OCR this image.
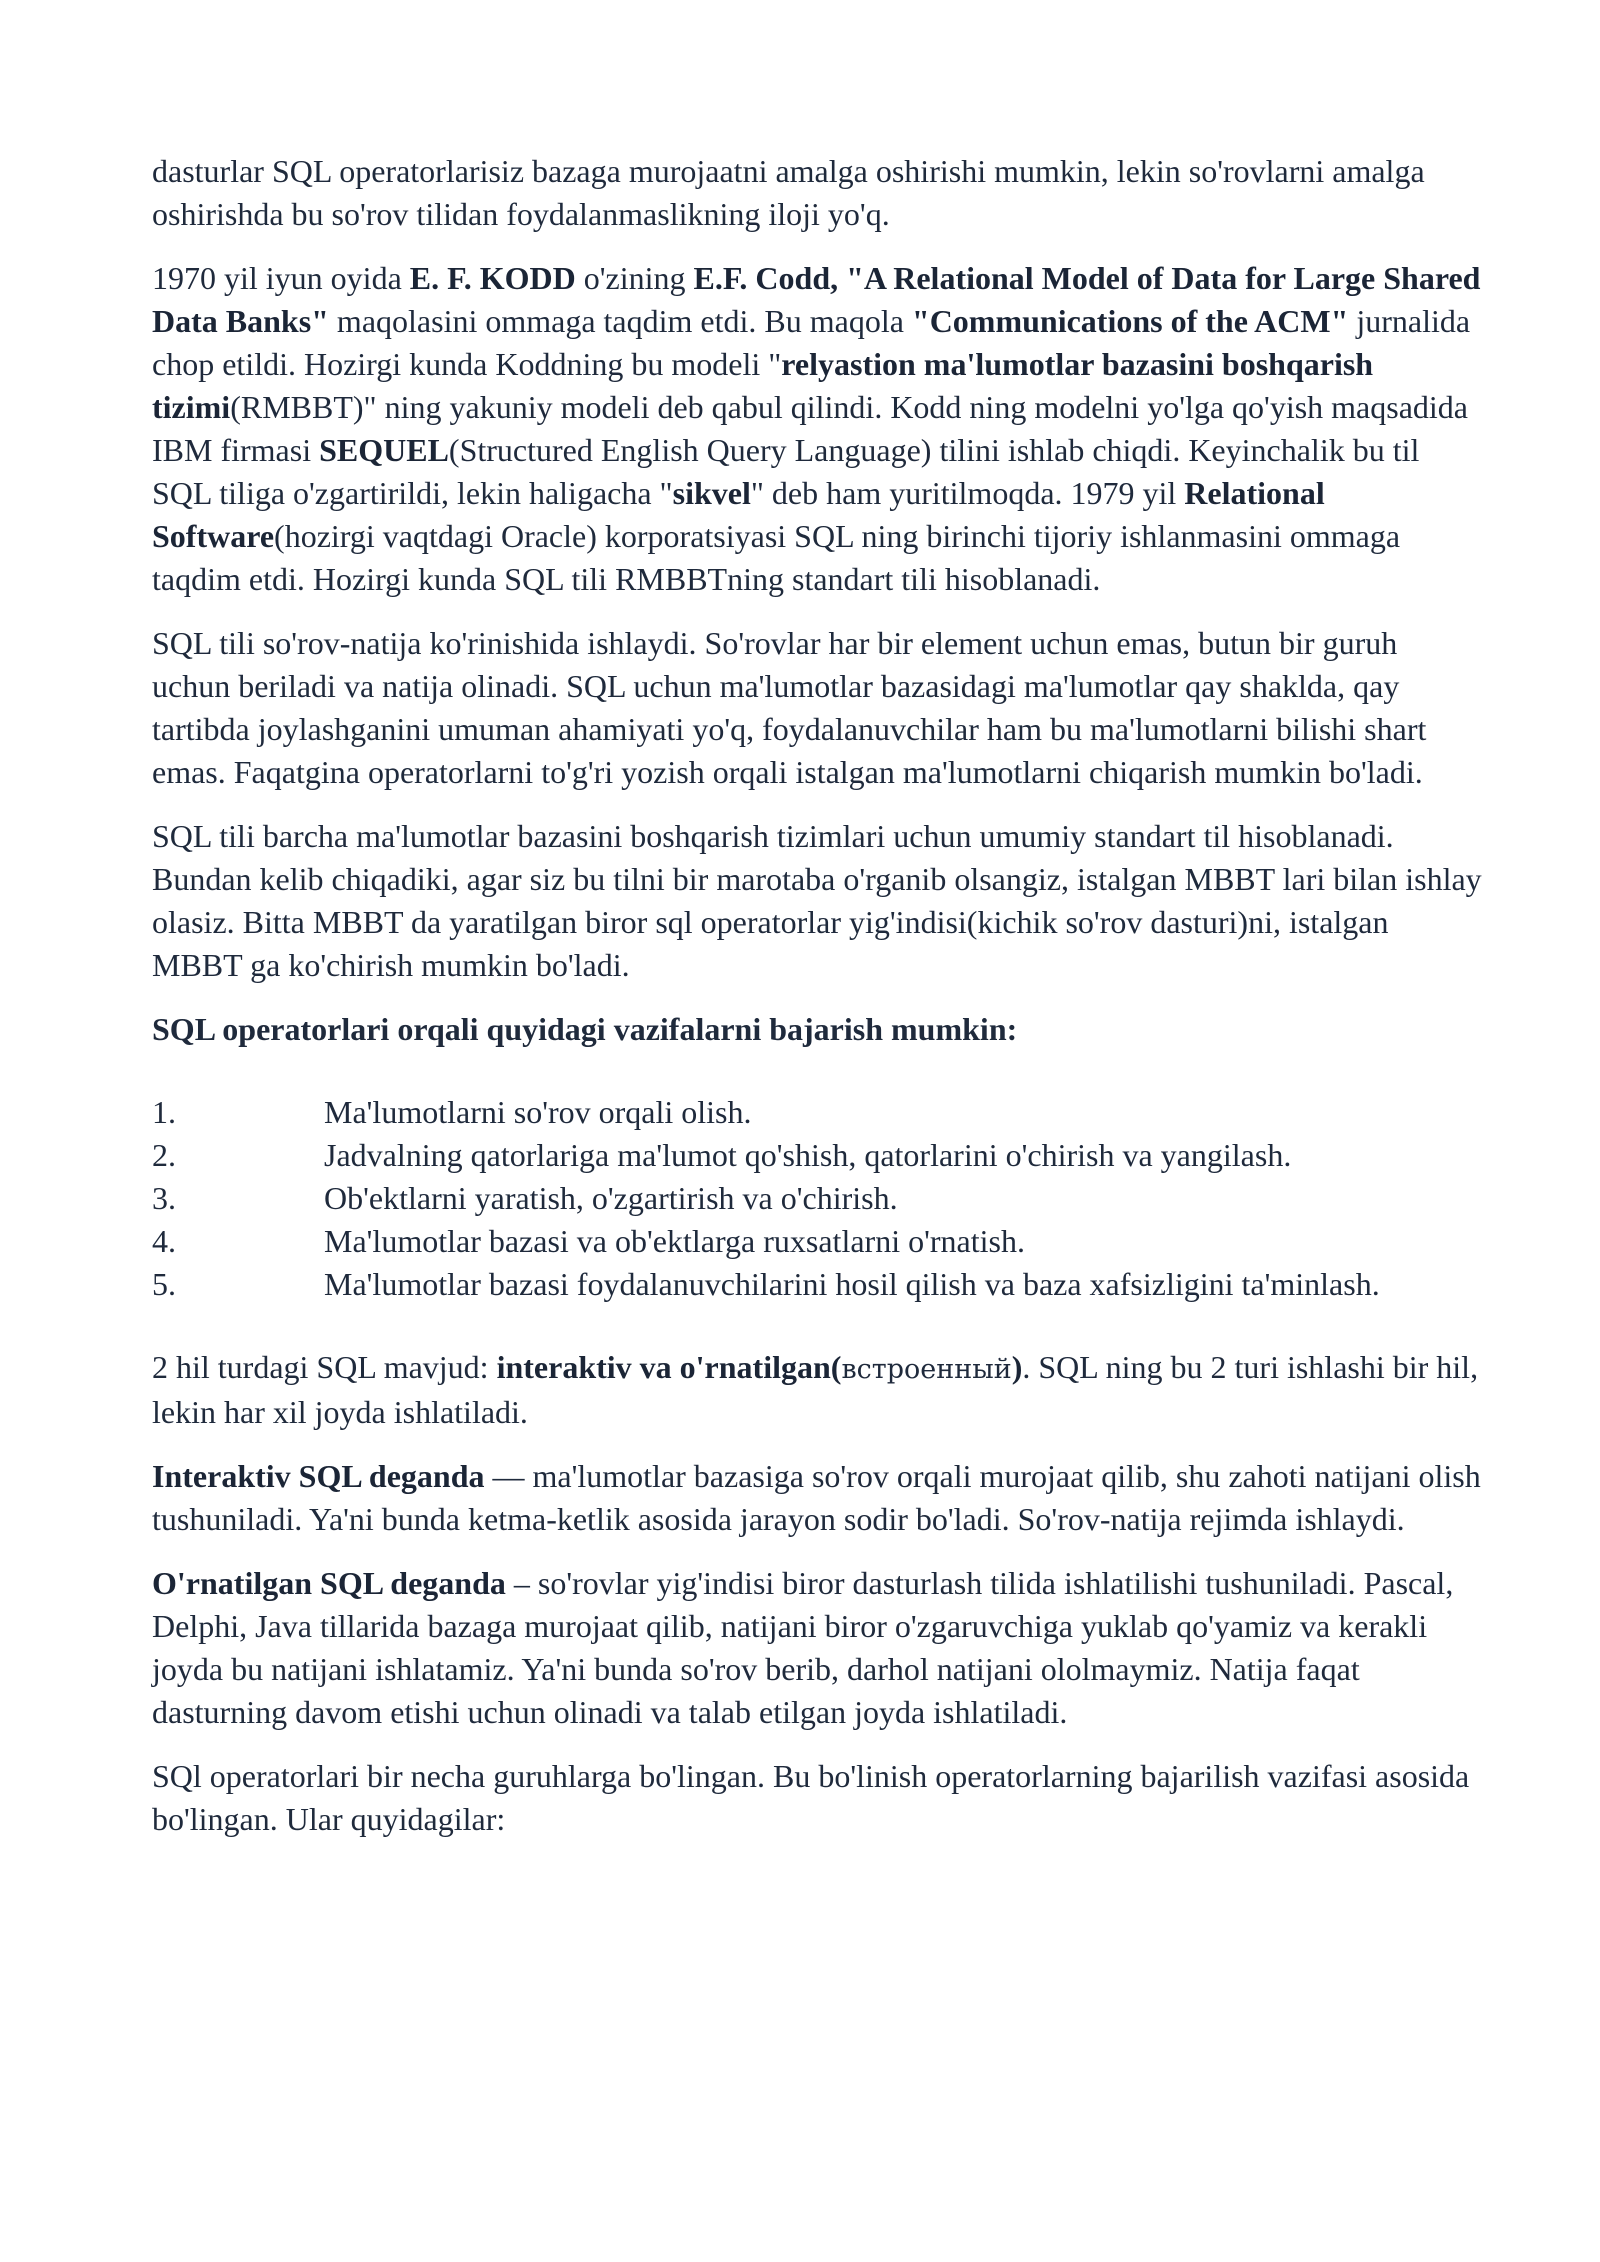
dasturlar SQL operatorlarisiz bazaga murojaatni amalga oshirishi mumkin, lekin so'rovlarni amalga oshirishda bu so'rov tilidan foydalanmaslikning iloji yo'q.

1970 yil iyun oyida E. F. KODD o'zining E.F. Codd, "A Relational Model of Data for Large Shared Data Banks" maqolasini ommaga taqdim etdi. Bu maqola "Communications of the ACM" jurnalida chop etildi. Hozirgi kunda Koddning bu modeli "relyastion ma'lumotlar bazasini boshqarish tizimi(RMBBT)" ning yakuniy modeli deb qabul qilindi. Kodd ning modelni yo'lga qo'yish maqsadida IBM firmasi SEQUEL(Structured English Query Language) tilini ishlab chiqdi. Keyinchalik bu til SQL tiliga o'zgartirildi, lekin haligacha "sikvel" deb ham yuritilmoqda. 1979 yil Relational Software(hozirgi vaqtdagi Oracle) korporatsiyasi SQL ning birinchi tijoriy ishlanmasini ommaga taqdim etdi. Hozirgi kunda SQL tili RMBBTning standart tili hisoblanadi.

SQL tili so'rov-natija ko'rinishida ishlaydi. So'rovlar har bir element uchun emas, butun bir guruh uchun beriladi va natija olinadi. SQL uchun ma'lumotlar bazasidagi ma'lumotlar qay shaklda, qay tartibda joylashganini umuman ahamiyati yo'q, foydalanuvchilar ham bu ma'lumotlarni bilishi shart emas. Faqatgina operatorlarni to'g'ri yozish orqali istalgan ma'lumotlarni chiqarish mumkin bo'ladi.

SQL tili barcha ma'lumotlar bazasini boshqarish tizimlari uchun umumiy standart til hisoblanadi. Bundan kelib chiqadiki, agar siz bu tilni bir marotaba o'rganib olsangiz, istalgan MBBT lari bilan ishlay olasiz. Bitta MBBT da yaratilgan biror sql operatorlar yig'indisi(kichik so'rov dasturi)ni, istalgan MBBT ga ko'chirish mumkin bo'ladi.

SQL operatorlari orqali quyidagi vazifalarni bajarish mumkin:

1.	Ma'lumotlarni so'rov orqali olish.
2.	Jadvalning qatorlariga ma'lumot qo'shish, qatorlarini o'chirish va yangilash.
3.	Ob'ektlarni yaratish, o'zgartirish va o'chirish.
4.	Ma'lumotlar bazasi va ob'ektlarga ruxsatlarni o'rnatish.
5.	Ma'lumotlar bazasi foydalanuvchilarini hosil qilish va baza xafsizligini ta'minlash.

2 hil turdagi SQL mavjud: interaktiv va o'rnatilgan(встроенный). SQL ning bu 2 turi ishlashi bir hil, lekin har xil joyda ishlatiladi.

Interaktiv SQL deganda — ma'lumotlar bazasiga so'rov orqali murojaat qilib, shu zahoti natijani olish tushuniladi. Ya'ni bunda ketma-ketlik asosida jarayon sodir bo'ladi. So'rov-natija rejimda ishlaydi.

O'rnatilgan SQL deganda – so'rovlar yig'indisi biror dasturlash tilida ishlatilishi tushuniladi. Pascal, Delphi, Java tillarida bazaga murojaat qilib, natijani biror o'zgaruvchiga yuklab qo'yamiz va kerakli joyda bu natijani ishlatamiz. Ya'ni bunda so'rov berib, darhol natijani ololmaymiz. Natija faqat dasturning davom etishi uchun olinadi va talab etilgan joyda ishlatiladi.

SQl operatorlari bir necha guruhlarga bo'lingan. Bu bo'linish operatorlarning bajarilish vazifasi asosida bo'lingan. Ular quyidagilar:
